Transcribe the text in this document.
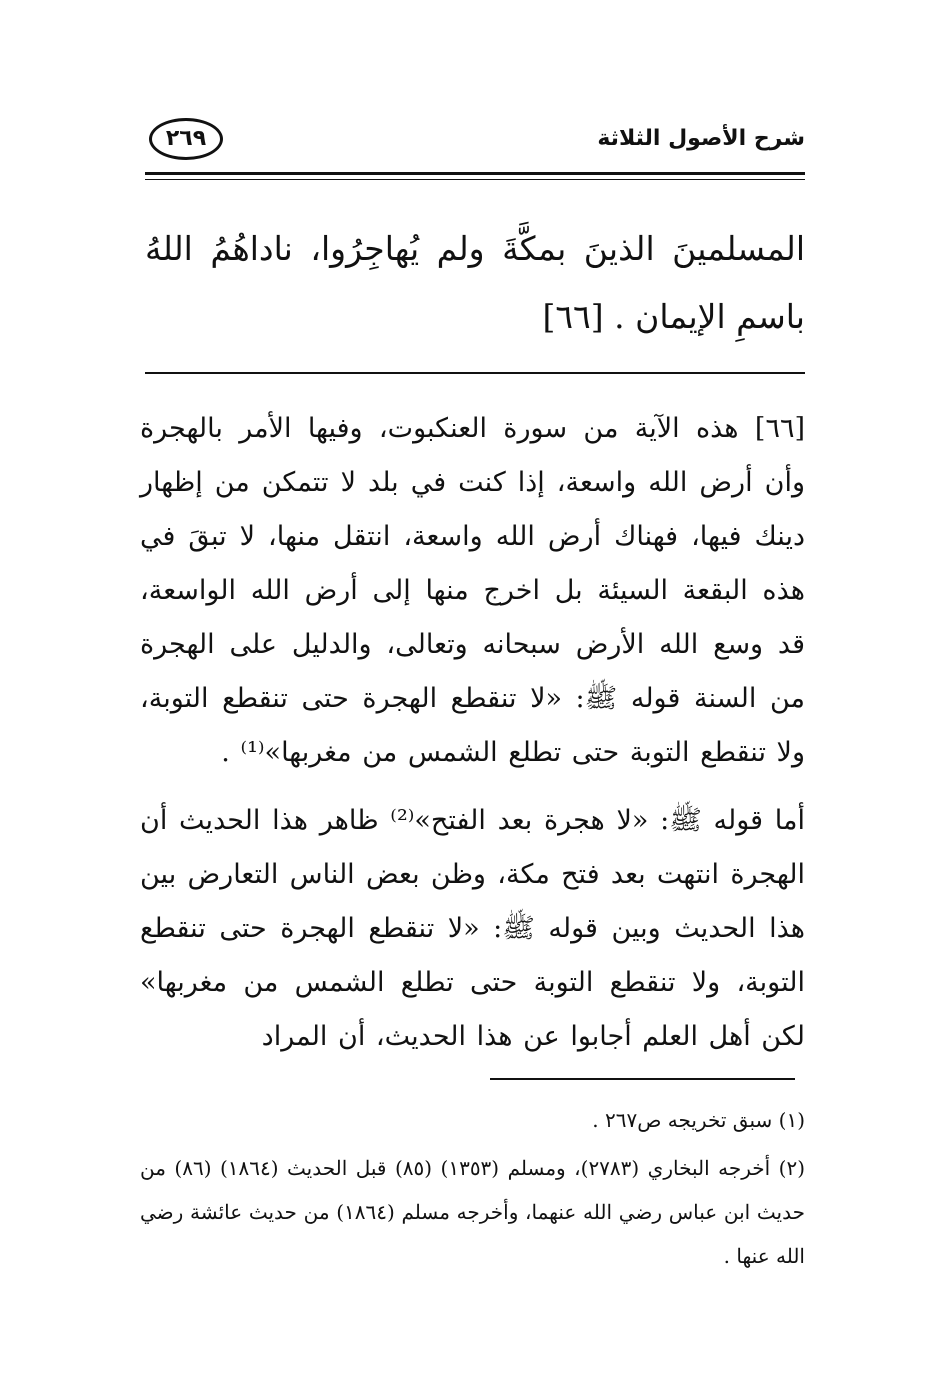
شرح الأصول الثلاثة
٢٦٩
المسلمينَ الذينَ بمكَّةَ ولم يُهاجِرُوا، ناداهُمُ اللهُ باسمِ الإيمان . [٦٦]

[٦٦] هذه الآية من سورة العنكبوت، وفيها الأمر بالهجرة وأن أرض الله واسعة، إذا كنت في بلد لا تتمكن من إظهار دينك فيها، فهناك أرض الله واسعة، انتقل منها، لا تبقَ في هذه البقعة السيئة بل اخرج منها إلى أرض الله الواسعة، قد وسع الله الأرض سبحانه وتعالى، والدليل على الهجرة من السنة قوله ﷺ: «لا تنقطع الهجرة حتى تنقطع التوبة، ولا تنقطع التوبة حتى تطلع الشمس من مغربها»⁽¹⁾ .

أما قوله ﷺ: «لا هجرة بعد الفتح»⁽²⁾ ظاهر هذا الحديث أن الهجرة انتهت بعد فتح مكة، وظن بعض الناس التعارض بين هذا الحديث وبين قوله ﷺ: «لا تنقطع الهجرة حتى تنقطع التوبة، ولا تنقطع التوبة حتى تطلع الشمس من مغربها» لكن أهل العلم أجابوا عن هذا الحديث، أن المراد

(١) سبق تخريجه ص٢٦٧ .

(٢) أخرجه البخاري (٢٧٨٣)، ومسلم (١٣٥٣) (٨٥) قبل الحديث (١٨٦٤) (٨٦) من حديث ابن عباس رضي الله عنهما، وأخرجه مسلم (١٨٦٤) من حديث عائشة رضي الله عنها .
